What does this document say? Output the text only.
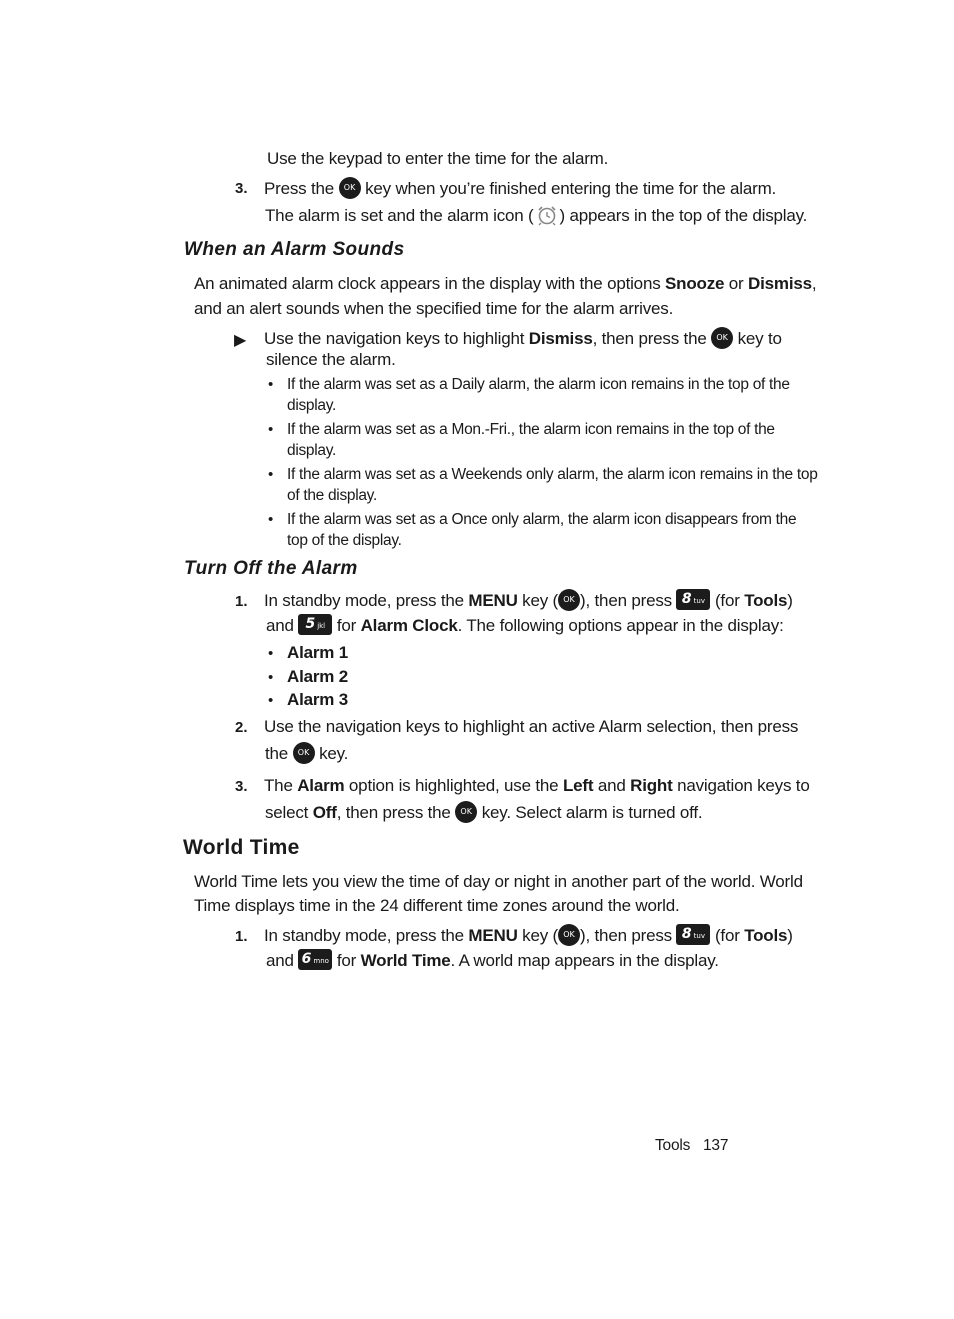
Use the keypad to enter the time for the alarm.
3. Press the OK key when you’re finished entering the time for the alarm.
The alarm is set and the alarm icon ( ) appears in the top of the display.
When an Alarm Sounds
An animated alarm clock appears in the display with the options Snooze or Dismiss,
and an alert sounds when the specified time for the alarm arrives.
▶ Use the navigation keys to highlight Dismiss, then press the OK key to
silence the alarm.
• If the alarm was set as a Daily alarm, the alarm icon remains in the top of the
display.
• If the alarm was set as a Mon.-Fri., the alarm icon remains in the top of the
display.
• If the alarm was set as a Weekends only alarm, the alarm icon remains in the top
of the display.
• If the alarm was set as a Once only alarm, the alarm icon disappears from the
top of the display.
Turn Off the Alarm
1. In standby mode, press the MENU key ( OK ), then press 8 tuv (for Tools)
and 5 jkl for Alarm Clock. The following options appear in the display:
• Alarm 1
• Alarm 2
• Alarm 3
2. Use the navigation keys to highlight an active Alarm selection, then press
the OK key.
3. The Alarm option is highlighted, use the Left and Right navigation keys to
select Off, then press the OK key. Select alarm is turned off.
World Time
World Time lets you view the time of day or night in another part of the world. World
Time displays time in the 24 different time zones around the world.
1. In standby mode, press the MENU key ( OK ), then press 8 tuv (for Tools)
and 6 mno for World Time. A world map appears in the display.
Tools 137
